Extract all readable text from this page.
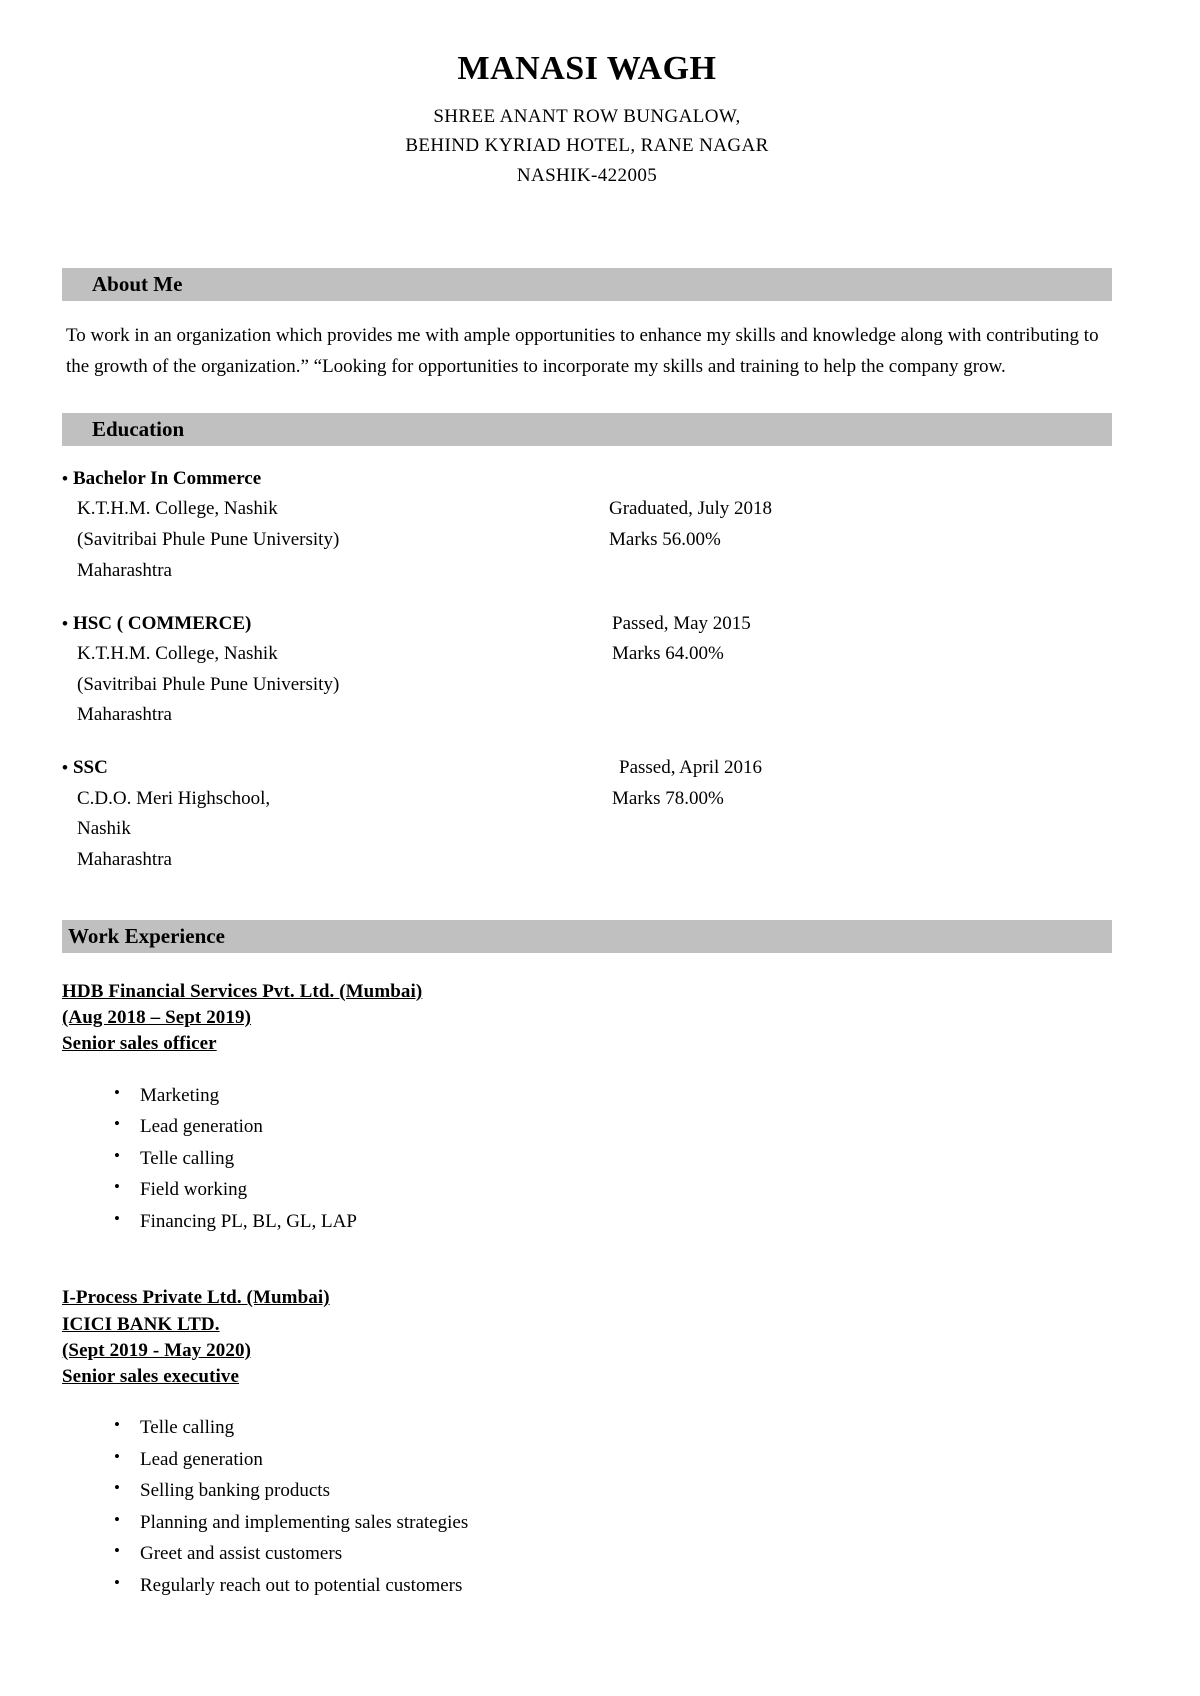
MANASI WAGH
SHREE ANANT ROW BUNGALOW,
BEHIND KYRIAD HOTEL, RANE NAGAR
NASHIK-422005
About Me
To work in an organization which provides me with ample opportunities to enhance my skills and knowledge along with contributing to the growth of the organization.” “Looking for opportunities to incorporate my skills and training to help the company grow.
Education
• Bachelor In Commerce
K.T.H.M. College, Nashik
(Savitribai Phule Pune University)
Maharashtra
Graduated, July 2018
Marks 56.00%
• HSC ( COMMERCE)
K.T.H.M. College, Nashik
(Savitribai Phule Pune University)
Maharashtra
Passed, May 2015
Marks 64.00%
• SSC
C.D.O. Meri Highschool,
Nashik
Maharashtra
Passed, April 2016
Marks 78.00%
Work Experience
HDB Financial Services Pvt. Ltd. (Mumbai)
(Aug 2018 – Sept 2019)
Senior sales officer
• Marketing
• Lead generation
• Telle calling
• Field working
• Financing PL, BL, GL, LAP
I-Process Private Ltd. (Mumbai)
ICICI BANK LTD.
(Sept 2019 - May 2020)
Senior sales executive
• Telle calling
• Lead generation
• Selling banking products
• Planning and implementing sales strategies
• Greet and assist customers
• Regularly reach out to potential customers
